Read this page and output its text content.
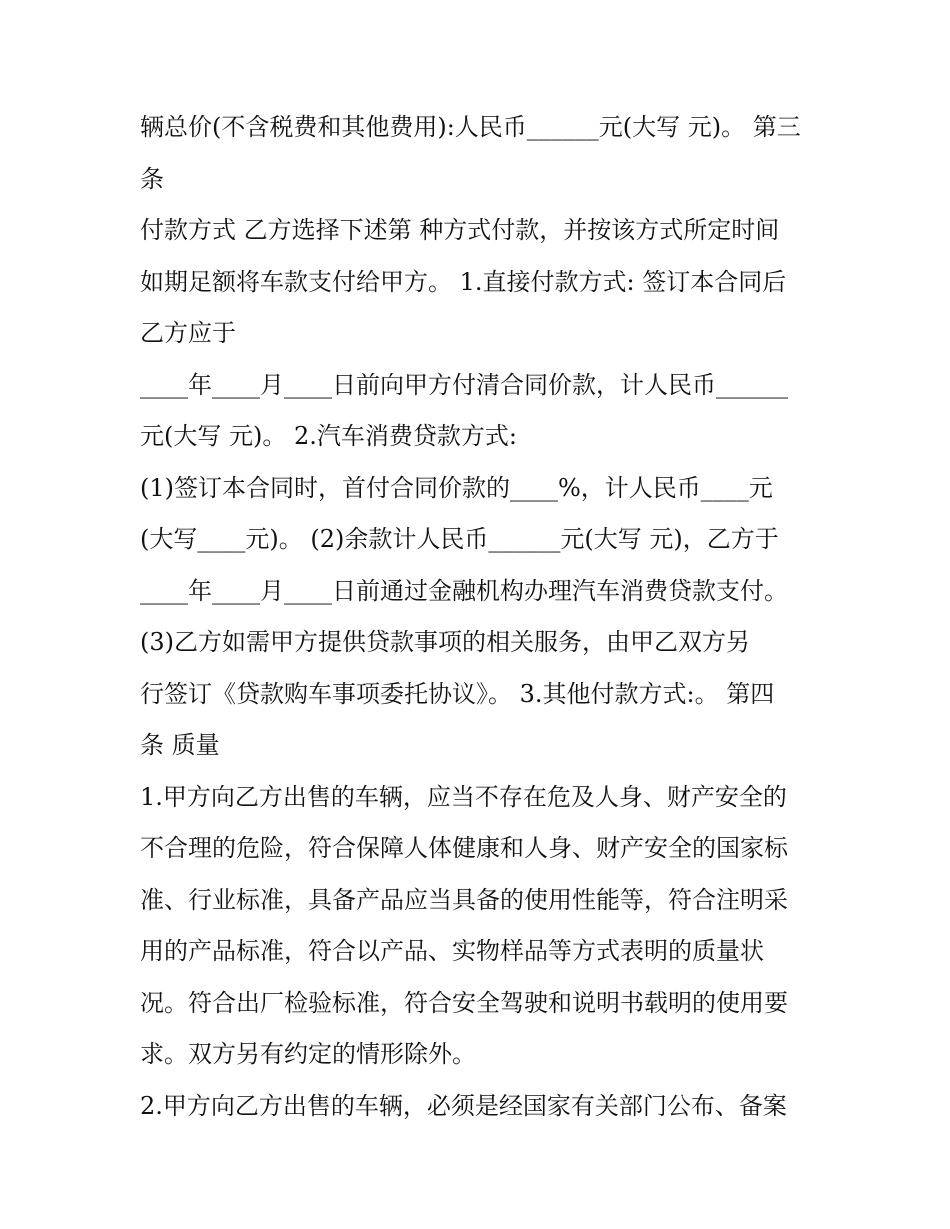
辆总价(不含税费和其他费用):人民币______元(大写 元)。 第三
条
付款方式 乙方选择下述第 种方式付款，并按该方式所定时间
如期足额将车款支付给甲方。 1.直接付款方式: 签订本合同后
乙方应于
____年____月____日前向甲方付清合同价款，计人民币______
元(大写 元)。 2.汽车消费贷款方式:
(1)签订本合同时，首付合同价款的____%，计人民币____元
(大写____元)。 (2)余款计人民币______元(大写 元)，乙方于
____年____月____日前通过金融机构办理汽车消费贷款支付。
(3)乙方如需甲方提供贷款事项的相关服务，由甲乙双方另
行签订《贷款购车事项委托协议》。 3.其他付款方式:。 第四
条 质量
1.甲方向乙方出售的车辆，应当不存在危及人身、财产安全的
不合理的危险，符合保障人体健康和人身、财产安全的国家标
准、行业标准，具备产品应当具备的使用性能等，符合注明采
用的产品标准，符合以产品、实物样品等方式表明的质量状
况。符合出厂检验标准，符合安全驾驶和说明书载明的使用要
求。双方另有约定的情形除外。
2.甲方向乙方出售的车辆，必须是经国家有关部门公布、备案
